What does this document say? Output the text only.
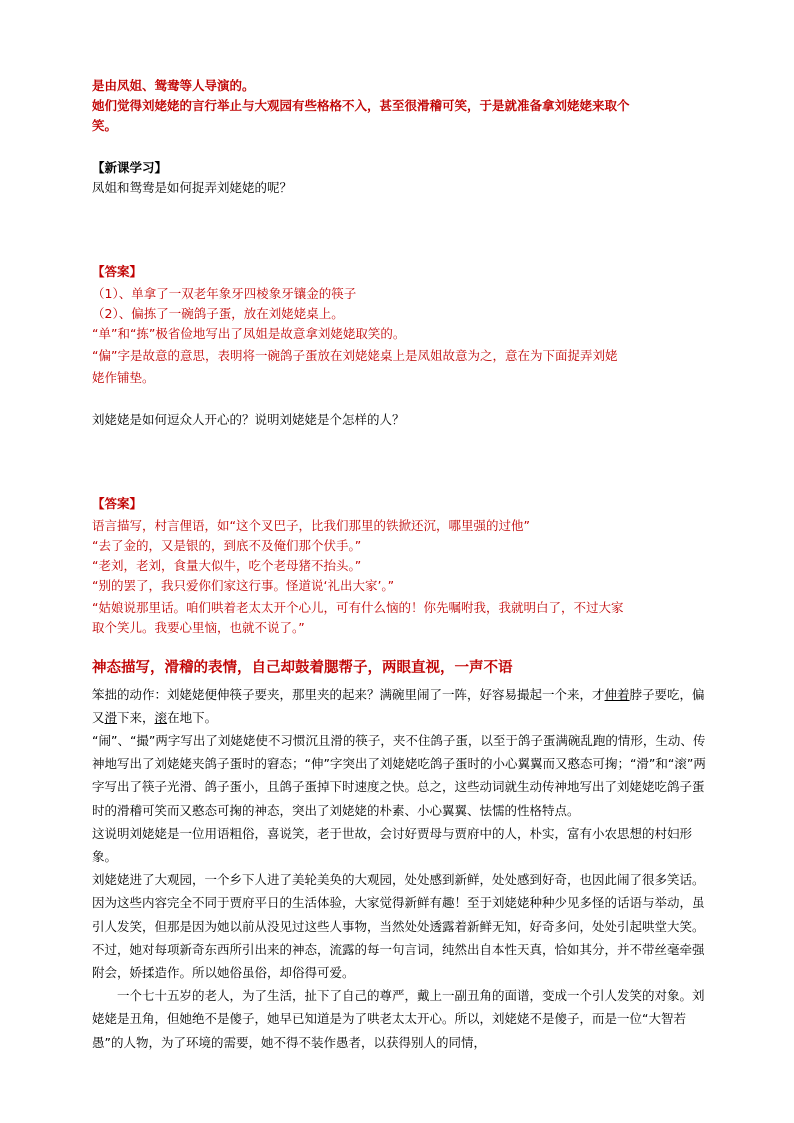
是由凤姐、鸳鸯等人导演的。
她们觉得刘姥姥的言行举止与大观园有些格格不入，甚至很滑稽可笑，于是就准备拿刘姥姥来取个
笑。
【新课学习】
凤姐和鸳鸯是如何捉弄刘姥姥的呢？
【答案】
（1）、单拿了一双老年象牙四棱象牙镶金的筷子
（2）、偏拣了一碗鸽子蛋，放在刘姥姥桌上。
“单”和“拣”极省俭地写出了凤姐是故意拿刘姥姥取笑的。
“偏”字是故意的意思，表明将一碗鸽子蛋放在刘姥姥桌上是凤姐故意为之，意在为下面捉弄刘姥
姥作铺垫。
刘姥姥是如何逗众人开心的？说明刘姥姥是个怎样的人？
【答案】
语言描写，村言俚语，如“这个叉巴子，比我们那里的铁掀还沉，哪里强的过他”
“去了金的，又是银的，到底不及俺们那个伏手。”
“老刘，老刘，食量大似牛，吃个老母猪不抬头。”
“别的罢了，我只爱你们家这行事。怪道说‘礼出大家’。”
“姑娘说那里话。咱们哄着老太太开个心儿，可有什么恼的！你先嘱咐我，我就明白了，不过大家
取个笑儿。我要心里恼，也就不说了。”
神态描写，滑稽的表情，自己却鼓着腮帮子，两眼直视，一声不语

笨拙的动作：刘姥姥便伸筷子要夹，那里夹的起来？满碗里闹了一阵，好容易撮起一个来，才伸着脖子要吃，偏又滑下来，滚在地下。

“闹”、“撮”两字写出了刘姥姥使不习惯沉且滑的筷子，夹不住鸽子蛋，以至于鸽子蛋满碗乱跑的情形，生动、传神地写出了刘姥姥夹鸽子蛋时的窘态；“伸”字突出了刘姥姥吃鸽子蛋时的小心翼翼而又憨态可掬；“滑”和“滚”两字写出了筷子光滑、鸽子蛋小，且鸽子蛋掉下时速度之快。总之，这些动词就生动传神地写出了刘姥姥吃鸽子蛋时的滑稽可笑而又憨态可掬的神态，突出了刘姥姥的朴素、小心翼翼、怯懦的性格特点。

这说明刘姥姥是一位用语粗俗，喜说笑，老于世故，会讨好贾母与贾府中的人，朴实，富有小农思想的村妇形象。

刘姥姥进了大观园，一个乡下人进了美轮美奂的大观园，处处感到新鲜，处处感到好奇，也因此闹了很多笑话。因为这些内容完全不同于贾府平日的生活体验，大家觉得新鲜有趣！至于刘姥姥种种少见多怪的话语与举动，虽引人发笑，但那是因为她以前从没见过这些人事物，当然处处透露着新鲜无知，好奇多问，处处引起哄堂大笑。不过，她对每项新奇东西所引出来的神态，流露的每一句言词，纯然出自本性天真，恰如其分，并不带丝毫牵强附会，娇揉造作。所以她俗虽俗，却俗得可爱。

一个七十五岁的老人，为了生活，扯下了自己的尊严，戴上一副丑角的面谱，变成一个引人发笑的对象。刘姥姥是丑角，但她绝不是傻子，她早已知道是为了哄老太太开心。所以，刘姥姥不是傻子，而是一位“大智若愚”的人物，为了环境的需要，她不得不装作愚者，以获得别人的同情，
